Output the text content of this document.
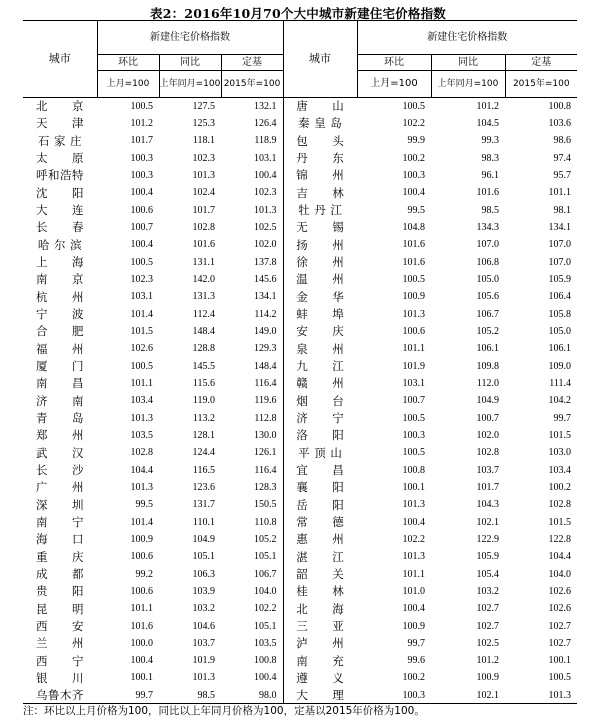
表2：2016年10月70个大中城市新建住宅价格指数
城市	新建住宅价格指数			城市	新建住宅价格指数		
	环比	同比	定基		环比	同比	定基
	上月=100	上年同月=100	2015年=100		上月=100	上年同月=100	2015年=100
北　　京	100.5	127.5	132.1	唐　　山	100.5	101.2	100.8
天　　津	101.2	125.3	126.4	秦 皇 岛	102.2	104.5	103.6
石 家 庄	101.7	118.1	118.9	包　　头	99.9	99.3	98.6
太　　原	100.3	102.3	103.1	丹　　东	100.2	98.3	97.4
呼和浩特	100.3	101.3	100.4	锦　　州	100.3	96.1	95.7
沈　　阳	100.4	102.4	102.3	吉　　林	100.4	101.6	101.1
大　　连	100.6	101.7	101.3	牡 丹 江	99.5	98.5	98.1
长　　春	100.7	102.8	102.5	无　　锡	104.8	134.3	134.1
哈 尔 滨	100.4	101.6	102.0	扬　　州	101.6	107.0	107.0
上　　海	100.5	131.1	137.8	徐　　州	101.6	106.8	107.0
南　　京	102.3	142.0	145.6	温　　州	100.5	105.0	105.9
杭　　州	103.1	131.3	134.1	金　　华	100.9	105.6	106.4
宁　　波	101.4	112.4	114.2	蚌　　埠	101.3	106.7	105.8
合　　肥	101.5	148.4	149.0	安　　庆	100.6	105.2	105.0
福　　州	102.6	128.8	129.3	泉　　州	101.1	106.1	106.1
厦　　门	100.5	145.5	148.4	九　　江	101.9	109.8	109.0
南　　昌	101.1	115.6	116.4	赣　　州	103.1	112.0	111.4
济　　南	103.4	119.0	119.6	烟　　台	100.7	104.9	104.2
青　　岛	101.3	113.2	112.8	济　　宁	100.5	100.7	99.7
郑　　州	103.5	128.1	130.0	洛　　阳	100.3	102.0	101.5
武　　汉	102.8	124.4	126.1	平 顶 山	100.5	102.8	103.0
长　　沙	104.4	116.5	116.4	宜　　昌	100.8	103.7	103.4
广　　州	101.3	123.6	128.3	襄　　阳	100.1	101.7	100.2
深　　圳	99.5	131.7	150.5	岳　　阳	101.3	104.3	102.8
南　　宁	101.4	110.1	110.8	常　　德	100.4	102.1	101.5
海　　口	100.9	104.9	105.2	惠　　州	102.2	122.9	122.8
重　　庆	100.6	105.1	105.1	湛　　江	101.3	105.9	104.4
成　　都	99.2	106.3	106.7	韶　　关	101.1	105.4	104.0
贵　　阳	100.6	103.9	104.0	桂　　林	101.0	103.2	102.6
昆　　明	101.1	103.2	102.2	北　　海	100.4	102.7	102.6
西　　安	101.6	104.6	105.1	三　　亚	100.9	102.7	102.7
兰　　州	100.0	103.7	103.5	泸　　州	99.7	102.5	102.7
西　　宁	100.4	101.9	100.8	南　　充	99.6	101.2	100.1
银　　川	100.1	101.3	100.4	遵　　义	100.2	100.9	100.5
乌鲁木齐	99.7	98.5	98.0	大　　理	100.3	102.1	101.3
注：环比以上月价格为100，同比以上年同月价格为100，定基以2015年价格为100。
